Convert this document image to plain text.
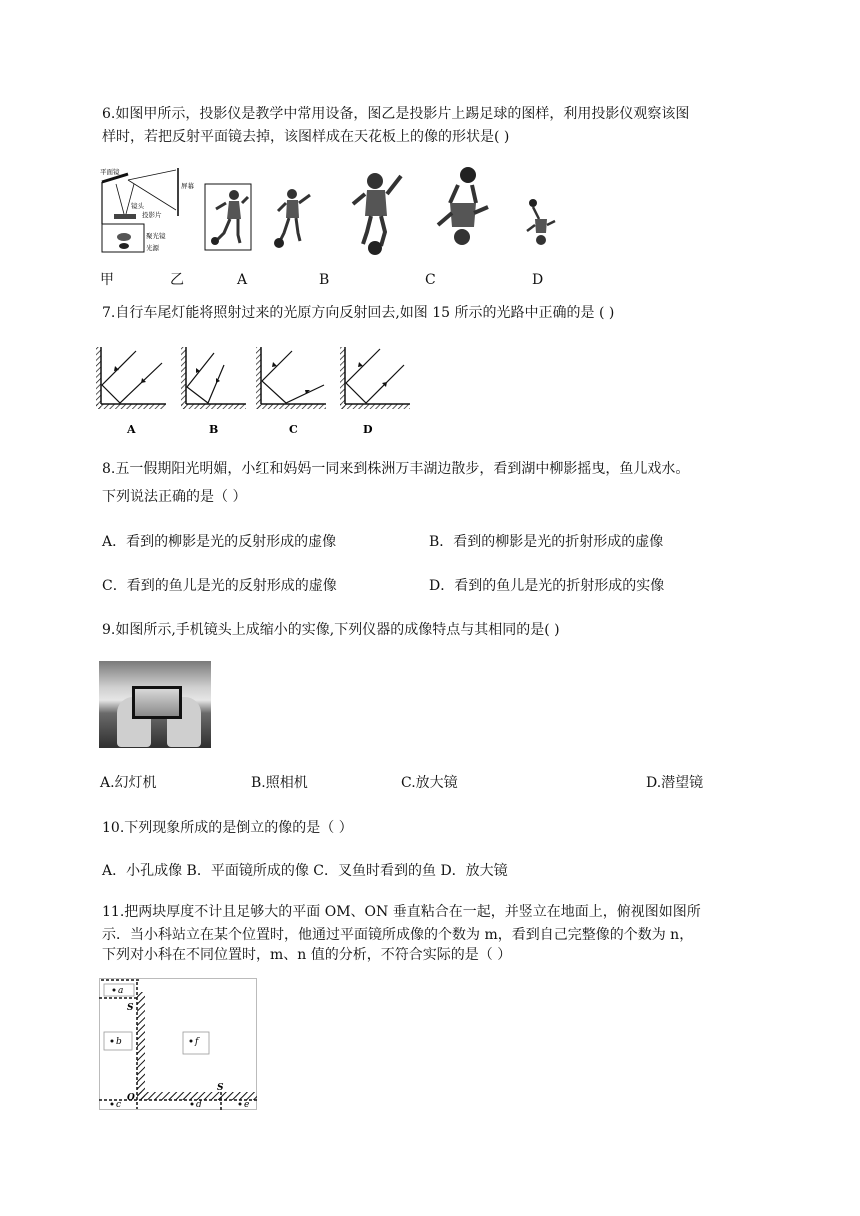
6.如图甲所示，投影仪是教学中常用设备，图乙是投影片上踢足球的图样，利用投影仪观察该图
样时，若把反射平面镜去掉，该图样成在天花板上的像的形状是( )
平面镜
屏幕
镜头
投影片
聚光镜
光源
甲	乙	A	B	C	D
7.自行车尾灯能将照射过来的光原方向反射回去,如图 15 所示的光路中正确的是 ( )
A	B	C	D
8.五一假期阳光明媚，小红和妈妈一同来到株洲万丰湖边散步，看到湖中柳影摇曳，鱼儿戏水。
下列说法正确的是（ ）
A．看到的柳影是光的反射形成的虚像	B．看到的柳影是光的折射形成的虚像
C．看到的鱼儿是光的反射形成的虚像	D．看到的鱼儿是光的折射形成的实像
9.如图所示,手机镜头上成缩小的实像,下列仪器的成像特点与其相同的是( )
A.幻灯机	B.照相机	C.放大镜	D.潜望镜
10.下列现象所成的是倒立的像的是（ ）
A．小孔成像 B．平面镜所成的像 C．叉鱼时看到的鱼 D．放大镜
11.把两块厚度不计且足够大的平面 OM、ON 垂直粘合在一起，并竖立在地面上，俯视图如图所
示．当小科站立在某个位置时，他通过平面镜所成像的个数为 m，看到自己完整像的个数为 n，
下列对小科在不同位置时，m、n 值的分析，不符合实际的是（ ）
a
b	f
c	d	e
O
S
S
